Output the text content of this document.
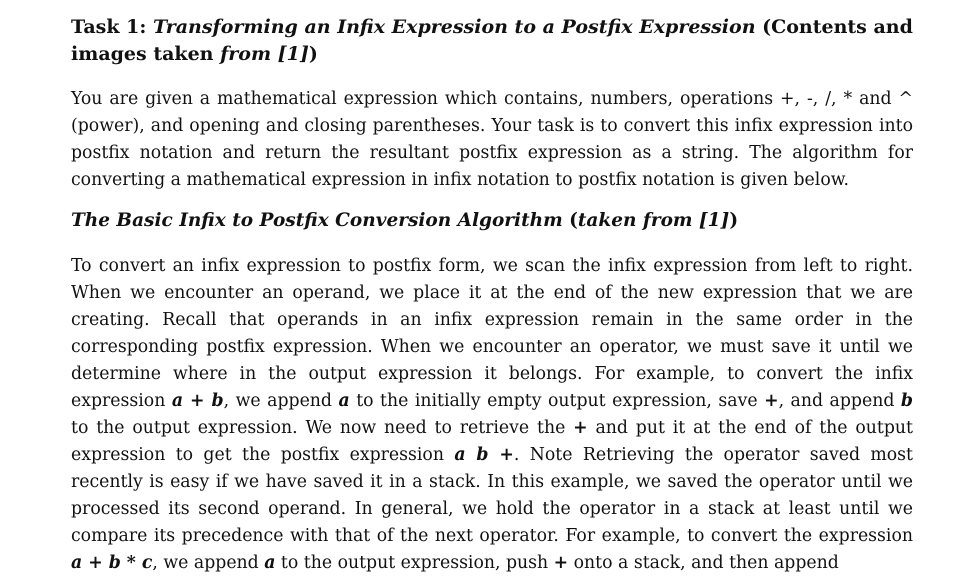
Task 1: Transforming an Infix Expression to a Postfix Expression (Contents and images taken from [1])

You are given a mathematical expression which contains, numbers, operations +, -, /, * and ^ (power), and opening and closing parentheses. Your task is to convert this infix expression into postfix notation and return the resultant postfix expression as a string. The algorithm for converting a mathematical expression in infix notation to postfix notation is given below.

The Basic Infix to Postfix Conversion Algorithm (taken from [1])

To convert an infix expression to postfix form, we scan the infix expression from left to right. When we encounter an operand, we place it at the end of the new expression that we are creating. Recall that operands in an infix expression remain in the same order in the corresponding postfix expression. When we encounter an operator, we must save it until we determine where in the output expression it belongs. For example, to convert the infix expression a + b, we append a to the initially empty output expression, save +, and append b to the output expression. We now need to retrieve the + and put it at the end of the output expression to get the postfix expression a b +. Note Retrieving the operator saved most recently is easy if we have saved it in a stack. In this example, we saved the operator until we processed its second operand. In general, we hold the operator in a stack at least until we compare its precedence with that of the next operator. For example, to convert the expression a + b * c, we append a to the output expression, push + onto a stack, and then append
